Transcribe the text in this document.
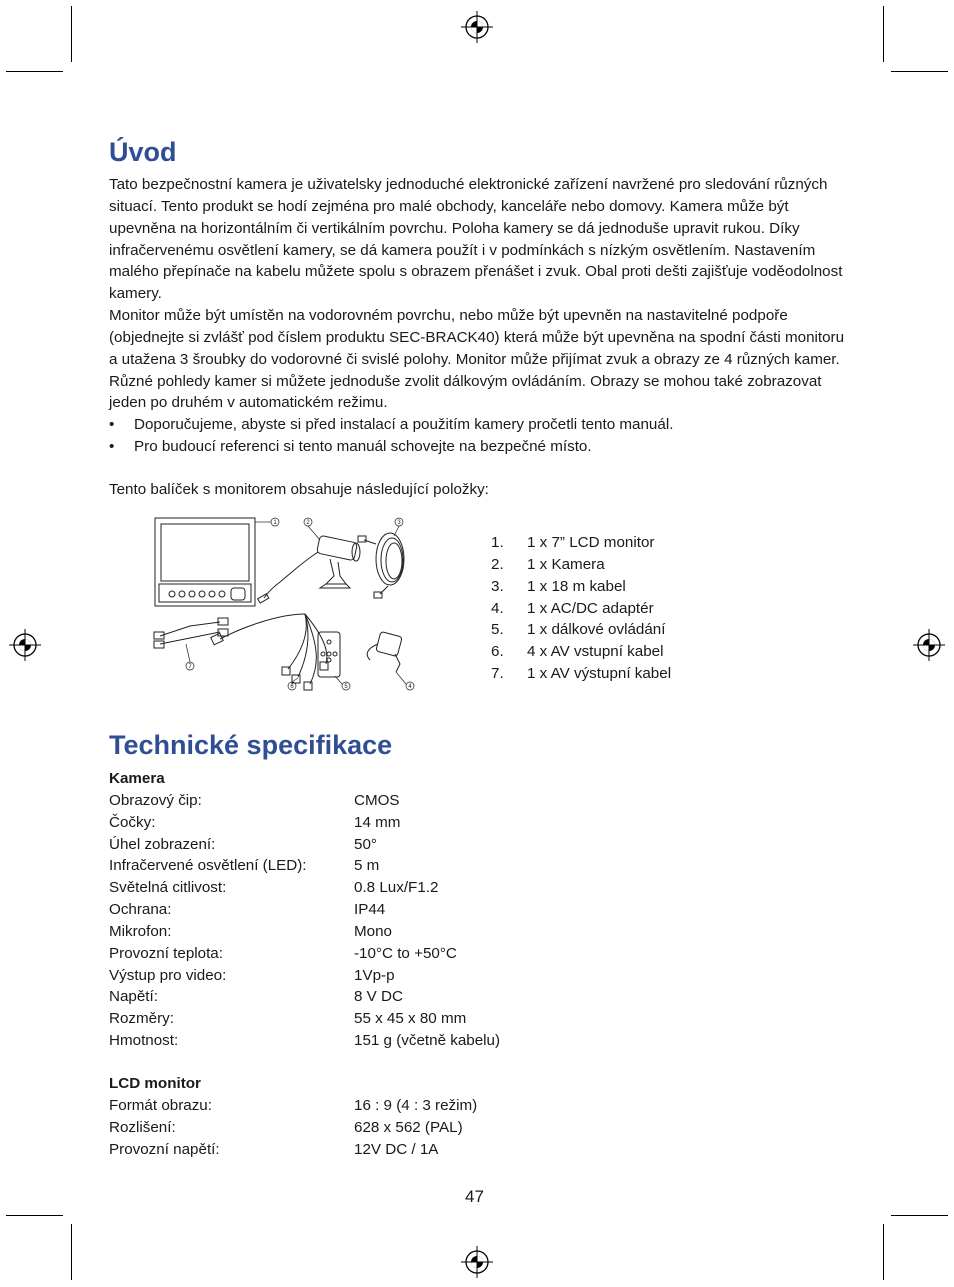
Úvod

Tato bezpečnostní kamera je uživatelsky jednoduché elektronické zařízení navržené pro sledování různých situací. Tento produkt se hodí zejména pro malé obchody, kanceláře nebo domovy. Kamera může být upevněna na horizontálním či vertikálním povrchu. Poloha kamery se dá jednoduše upravit rukou. Díky infračervenému osvětlení kamery, se dá kamera použít i v podmínkách s nízkým osvětlením. Nastavením malého přepínače na kabelu můžete spolu s obrazem přenášet i zvuk. Obal proti dešti zajišťuje voděodolnost kamery.

Monitor může být umístěn na vodorovném povrchu, nebo může být upevněn na nastavitelné podpoře (objednejte si zvlášť pod číslem produktu SEC-BRACK40) která může být upevněna na spodní části monitoru a utažena 3 šroubky do vodorovné či svislé polohy. Monitor může přijímat zvuk a obrazy ze 4 různých kamer. Různé pohledy kamer si můžete jednoduše zvolit dálkovým ovládáním. Obrazy se mohou také zobrazovat jeden po druhém v automatickém režimu.

• Doporučujeme, abyste si před instalací a použitím kamery pročetli tento manuál.
• Pro budoucí referenci si tento manuál schovejte na bezpečné místo.
Tento balíček s monitorem obsahuje následující položky:
1	2	3
4
5
6
7
1.	1 x 7” LCD monitor
2.	1 x Kamera
3.	1 x 18 m kabel
4.	1 x AC/DC adaptér
5.	1 x dálkové ovládání
6.	4 x AV vstupní kabel
7.	1 x AV výstupní kabel
Technické specifikace
Kamera
Obrazový čip:	CMOS
Čočky:	14 mm
Úhel zobrazení:	50°
Infračervené osvětlení (LED):	5 m
Světelná citlivost:	0.8 Lux/F1.2
Ochrana:	IP44
Mikrofon:	Mono
Provozní teplota:	-10°C to +50°C
Výstup pro video:	1Vp-p
Napětí:	8 V DC
Rozměry:	55 x 45 x 80 mm
Hmotnost:	151 g (včetně kabelu)
LCD monitor
Formát obrazu:	16 : 9 (4 : 3 režim)
Rozlišení:	628 x 562 (PAL)
Provozní napětí:	12V DC / 1A
47
